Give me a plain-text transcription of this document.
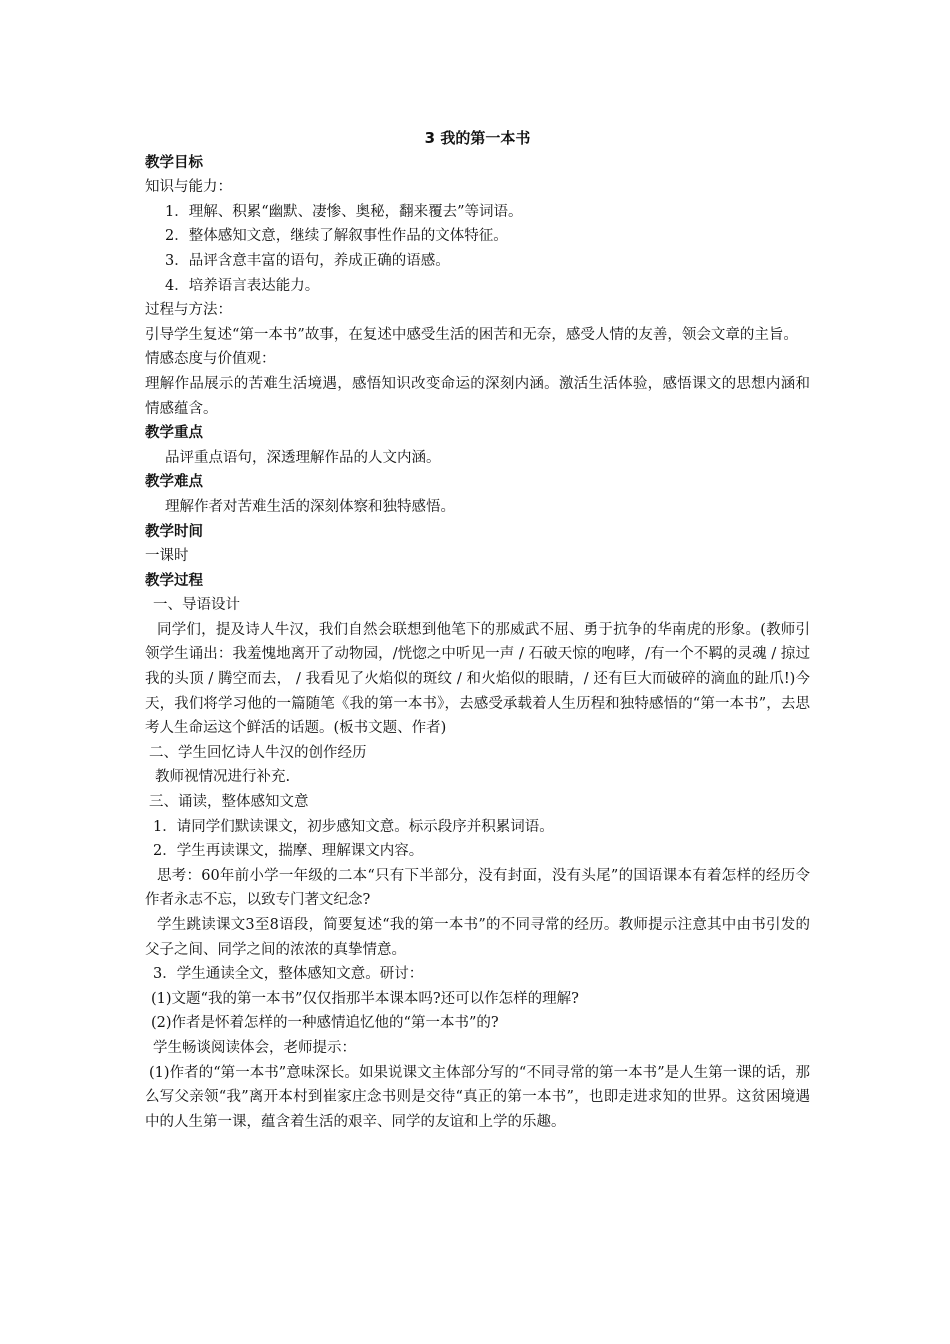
3 我的第一本书
教学目标

知识与能力：

1．理解、积累“幽默、凄惨、奥秘，翻来覆去”等词语。

2．整体感知文意，继续了解叙事性作品的文体特征。

3．品评含意丰富的语句，养成正确的语感。

4．培养语言表达能力。

过程与方法：

引导学生复述“第一本书”故事，在复述中感受生活的困苦和无奈，感受人情的友善，领会文章的主旨。

情感态度与价值观：

理解作品展示的苦难生活境遇，感悟知识改变命运的深刻内涵。激活生活体验，感悟课文的思想内涵和情感蕴含。

教学重点

品评重点语句，深透理解作品的人文内涵。

教学难点

理解作者对苦难生活的深刻体察和独特感悟。

教学时间

一课时

教学过程

一、导语设计

同学们，提及诗人牛汉，我们自然会联想到他笔下的那威武不屈、勇于抗争的华南虎的形象。(教师引领学生诵出：我羞愧地离开了动物园，/恍惚之中听见一声 / 石破天惊的咆哮，/有一个不羁的灵魂 / 掠过我的头顶 / 腾空而去， / 我看见了火焰似的斑纹 / 和火焰似的眼睛，/ 还有巨大而破碎的滴血的趾爪!)今天，我们将学习他的一篇随笔《我的第一本书》，去感受承载着人生历程和独特感悟的“第一本书”，去思考人生命运这个鲜活的话题。(板书文题、作者)

二、学生回忆诗人牛汉的创作经历

教师视情况进行补充.

三、诵读，整体感知文意

1．请同学们默读课文，初步感知文意。标示段序并积累词语。

2．学生再读课文，揣摩、理解课文内容。

思考：60年前小学一年级的二本“只有下半部分，没有封面，没有头尾”的国语课本有着怎样的经历令作者永志不忘，以致专门著文纪念?

学生跳读课文3至8语段，简要复述“我的第一本书”的不同寻常的经历。教师提示注意其中由书引发的父子之间、同学之间的浓浓的真挚情意。

3．学生通读全文，整体感知文意。研讨：

(1)文题“我的第一本书”仅仅指那半本课本吗?还可以作怎样的理解?

(2)作者是怀着怎样的一种感情追忆他的“第一本书”的?

学生畅谈阅读体会，老师提示：

(1)作者的“第一本书”意味深长。如果说课文主体部分写的“不同寻常的第一本书”是人生第一课的话，那么写父亲领“我”离开本村到崔家庄念书则是交待“真正的第一本书”，也即走进求知的世界。这贫困境遇中的人生第一课，蕴含着生活的艰辛、同学的友谊和上学的乐趣。
